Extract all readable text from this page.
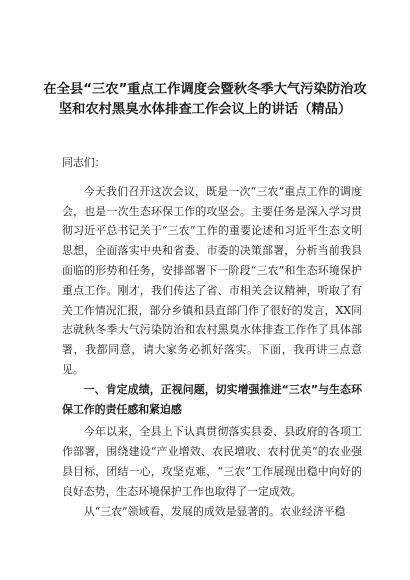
在全县“三农”重点工作调度会暨秋冬季大气污染防治攻坚和农村黑臭水体排查工作会议上的讲话（精品）

同志们：

今天我们召开这次会议，既是一次“三农”重点工作的调度会，也是一次生态环保工作的攻坚会。主要任务是深入学习贯彻习近平总书记关于“三农”工作的重要论述和习近平生态文明思想，全面落实中央和省委、市委的决策部署，分析当前我县面临的形势和任务，安排部署下一阶段“三农”和生态环境保护重点工作。刚才，我们传达了省、市相关会议精神，听取了有关工作情况汇报，部分乡镇和县直部门作了很好的发言，XX同志就秋冬季大气污染防治和农村黑臭水体排查工作作了具体部署，我都同意，请大家务必抓好落实。下面，我再讲三点意见。

一、肯定成绩，正视问题，切实增强推进“三农”与生态环保工作的责任感和紧迫感

今年以来，全县上下认真贯彻落实县委、县政府的各项工作部署，围绕建设“产业增效、农民增收、农村优美”的农业强县目标，团结一心，攻坚克难，“三农”工作展现出稳中向好的良好态势，生态环境保护工作也取得了一定成效。

从“三农”领域看，发展的成效是显著的。农业经济平稳
